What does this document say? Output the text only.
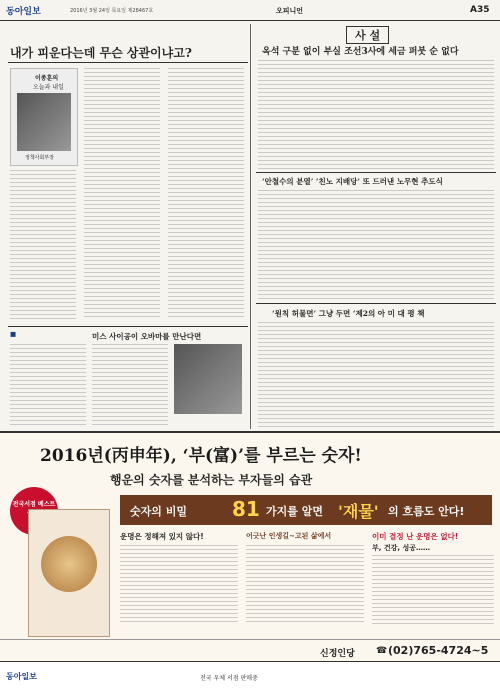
동아일보	2016년 3월 24일 목요일 제28467호	오피니언	A35
내가 피운다는데 무슨 상관이냐고?
이종훈의
오늘과 내일
정책사회부장
■	미스 사이공이 오바마를 만난다면
사 설
옥석 구분 없이 부실 조선3사에 세금 퍼붓 순 없다
‘안철수의 분열’ ‘친노 지배당’ 또 드러낸 노무현 추도식
‘원칙 허물면’ 그냥 두면 ‘제2의 아 미 대 평 책
2016년(丙申年), ‘부(富)’를 부르는 숫자!
행운의 숫자를 분석하는 부자들의 습관
전국서점 베스트
숫자의 비밀 81 가지를 알면 '재물' 의 흐름도 안다!
운명은 정해져 있지 않다!	어긋난 인생길~고된 삶에서	이미 결정 난 운명은 없다!
부, 건강, 성공……
신정인당 ☎ (02)765-4724~5
동아일보	전국 우체 서점 판매중
